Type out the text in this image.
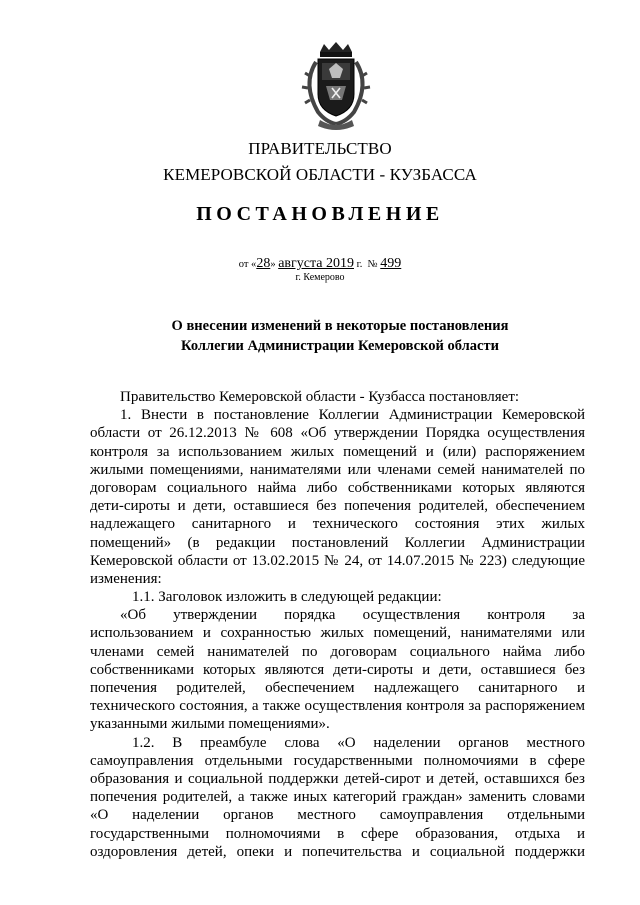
ПРАВИТЕЛЬСТВО
КЕМЕРОВСКОЙ ОБЛАСТИ - КУЗБАССА
ПОСТАНОВЛЕНИЕ
от «28» августа 2019 г. № 499
г. Кемерово
О внесении изменений в некоторые постановления
Коллегии Администрации Кемеровской области
Правительство Кемеровской области - Кузбасса постановляет:
1. Внести в постановление Коллегии Администрации Кемеровской
области от 26.12.2013 № 608 «Об утверждении Порядка осуществления
контроля за использованием жилых помещений и (или) распоряжением
жилыми помещениями, нанимателями или членами семей нанимателей по
договорам социального найма либо собственниками которых являются
дети-сироты и дети, оставшиеся без попечения родителей, обеспечением
надлежащего санитарного и технического состояния этих жилых
помещений» (в редакции постановлений Коллегии Администрации
Кемеровской области от 13.02.2015 № 24, от 14.07.2015 № 223) следующие
изменения:
1.1. Заголовок изложить в следующей редакции:
«Об утверждении порядка осуществления контроля за
использованием и сохранностью жилых помещений, нанимателями или
членами семей нанимателей по договорам социального найма либо
собственниками которых являются дети-сироты и дети, оставшиеся без
попечения родителей, обеспечением надлежащего санитарного и
технического состояния, а также осуществления контроля за распоряжением
указанными жилыми помещениями».
1.2. В преамбуле слова «О наделении органов местного
самоуправления отдельными государственными полномочиями в сфере
образования и социальной поддержки детей-сирот и детей, оставшихся без
попечения родителей, а также иных категорий граждан» заменить словами
«О наделении органов местного самоуправления отдельными
государственными полномочиями в сфере образования, отдыха и
оздоровления детей, опеки и попечительства и социальной поддержки
